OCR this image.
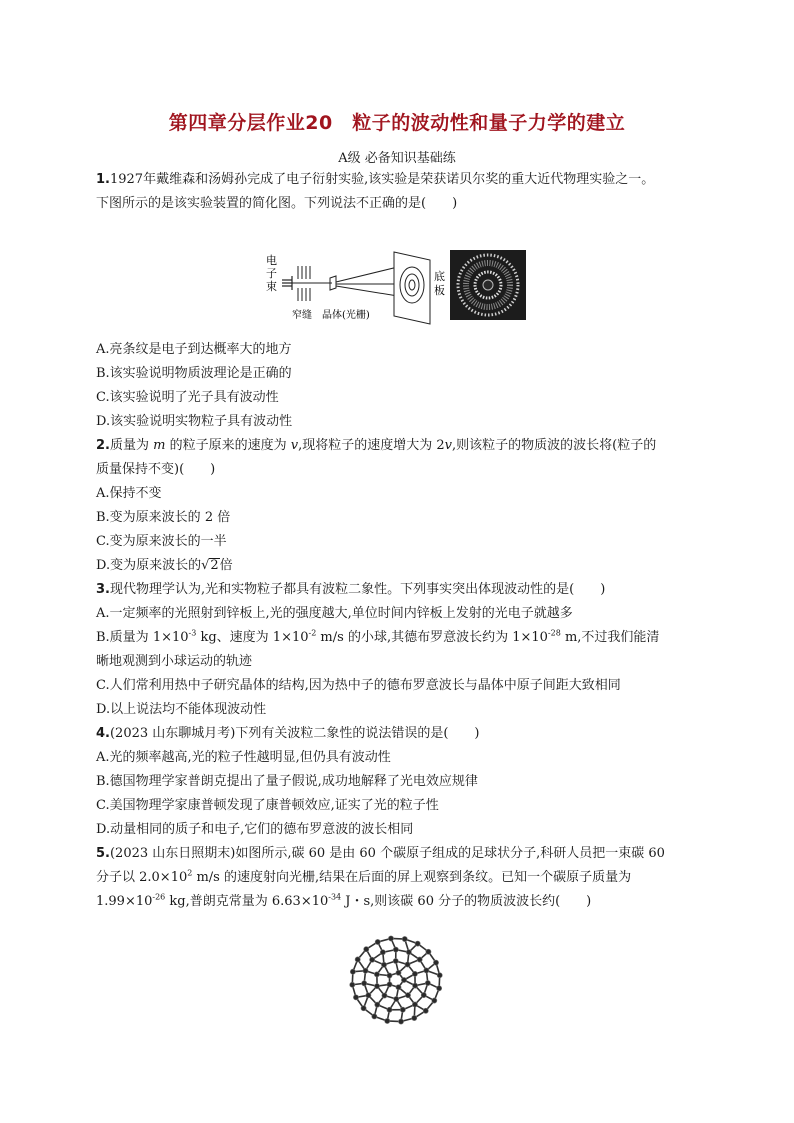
第四章分层作业20　粒子的波动性和量子力学的建立
A级 必备知识基础练
1.1927年戴维森和汤姆孙完成了电子衍射实验,该实验是荣获诺贝尔奖的重大近代物理实验之一。
下图所示的是该实验装置的简化图。下列说法不正确的是(　　)
电
子
束
底
板
窄缝 晶体(光栅)
A.亮条纹是电子到达概率大的地方
B.该实验说明物质波理论是正确的
C.该实验说明了光子具有波动性
D.该实验说明实物粒子具有波动性
2.质量为 m 的粒子原来的速度为 v,现将粒子的速度增大为 2v,则该粒子的物质波的波长将(粒子的
质量保持不变)(　　)
A.保持不变
B.变为原来波长的 2 倍
C.变为原来波长的一半
D.变为原来波长的√2倍
3.现代物理学认为,光和实物粒子都具有波粒二象性。下列事实突出体现波动性的是(　　)
A.一定频率的光照射到锌板上,光的强度越大,单位时间内锌板上发射的光电子就越多
B.质量为 $1\times 10^{-3}$ kg、速度为 $1\times 10^{-2}$ m/s 的小球,其德布罗意波长约为 $1\times 10^{-28}$ m,不过我们能清
晰地观测到小球运动的轨迹
C.人们常利用热中子研究晶体的结构,因为热中子的德布罗意波长与晶体中原子间距大致相同
D.以上说法均不能体现波动性
4.(2023 山东聊城月考)下列有关波粒二象性的说法错误的是(　　)
A.光的频率越高,光的粒子性越明显,但仍具有波动性
B.德国物理学家普朗克提出了量子假说,成功地解释了光电效应规律
C.美国物理学家康普顿发现了康普顿效应,证实了光的粒子性
D.动量相同的质子和电子,它们的德布罗意波的波长相同
5.(2023 山东日照期末)如图所示,碳 60 是由 60 个碳原子组成的足球状分子,科研人员把一束碳 60
分子以 $2.0\times 10^2$ m/s 的速度射向光栅,结果在后面的屏上观察到条纹。已知一个碳原子质量为
$1.99\times 10^{-26}$ kg,普朗克常量为 $6.63\times 10^{-34}$ J・s,则该碳 60 分子的物质波波长约(　　)
